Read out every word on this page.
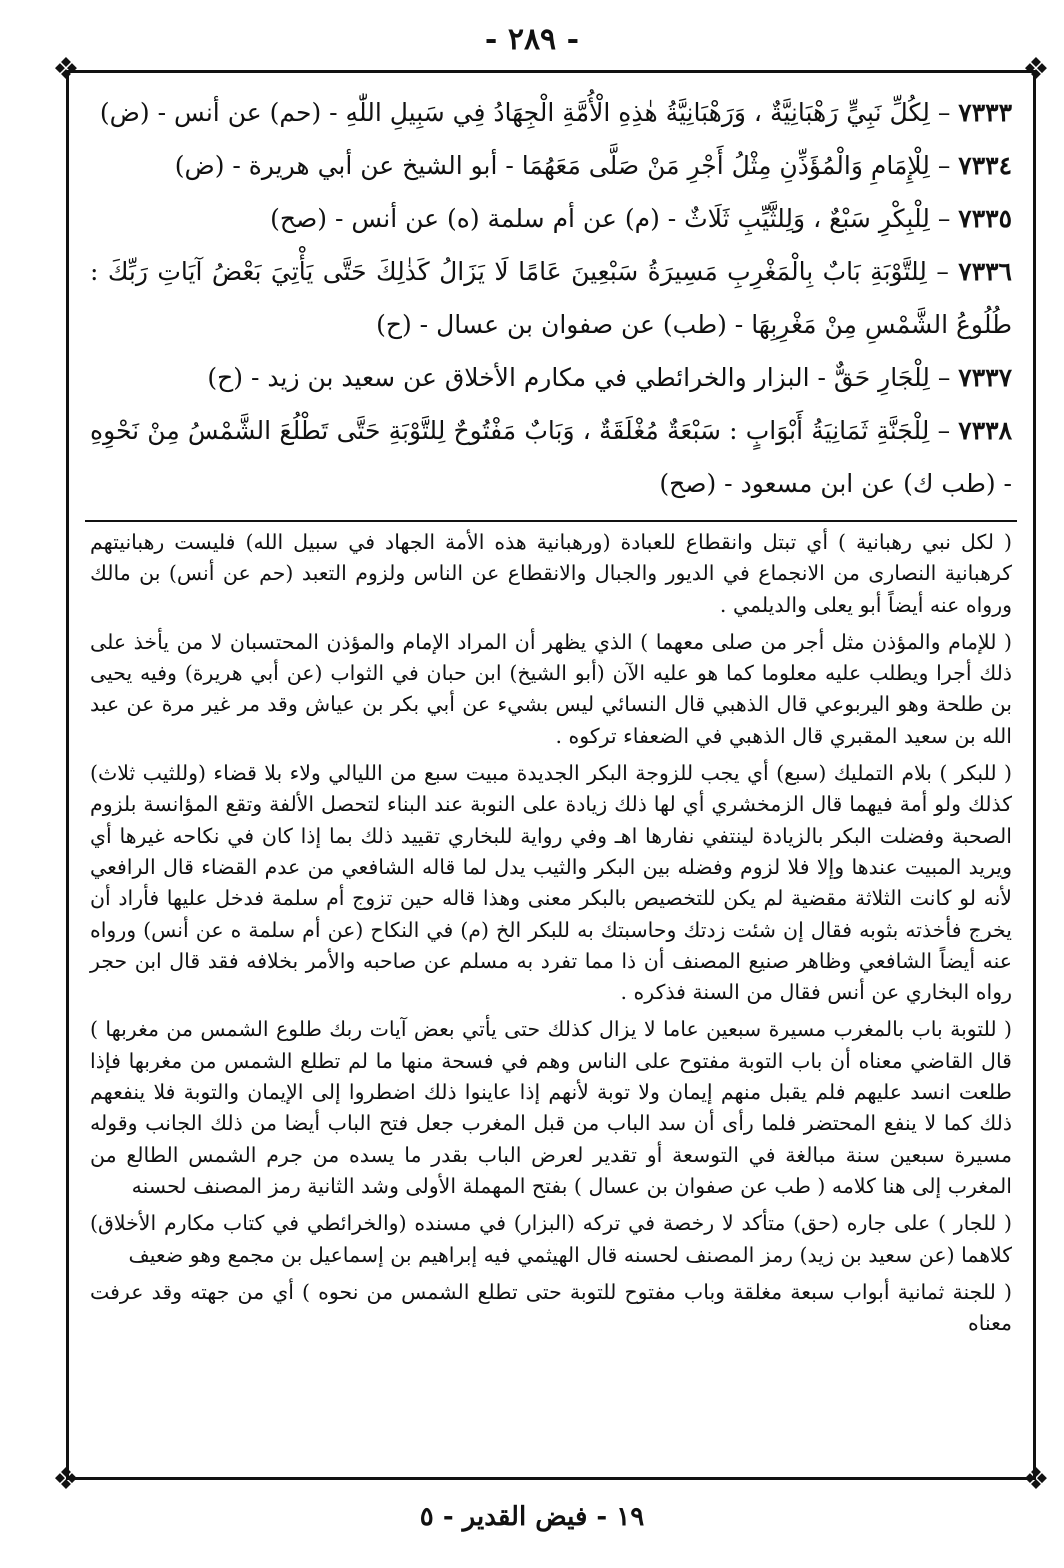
- ٢٨٩ -
❖	❖
❖	❖
٧٣٣٣ – لِكُلِّ نَبِيٍّ رَهْبَانِيَّةٌ ، وَرَهْبَانِيَّةُ هٰذِهِ الْأُمَّةِ الْجِهَادُ فِي سَبِيلِ اللّٰهِ - (حم) عن أنس - (ض)
٧٣٣٤ – لِلْإِمَامِ وَالْمُؤَذِّنِ مِثْلُ أَجْرِ مَنْ صَلَّى مَعَهُمَا - أبو الشيخ عن أبي هريرة - (ض)
٧٣٣٥ – لِلْبِكْرِ سَبْعٌ ، وَلِلثَّيِّبِ ثَلَاثٌ - (م) عن أم سلمة (ه) عن أنس - (صح)
٧٣٣٦ – لِلتَّوْبَةِ بَابٌ بِالْمَغْرِبِ مَسِيرَةُ سَبْعِينَ عَامًا لَا يَزَالُ كَذٰلِكَ حَتَّى يَأْتِيَ بَعْضُ آيَاتِ رَبِّكَ : طُلُوعُ الشَّمْسِ مِنْ مَغْرِبِهَا - (طب) عن صفوان بن عسال - (ح)
٧٣٣٧ – لِلْجَارِ حَقٌّ - البزار والخرائطي في مكارم الأخلاق عن سعيد بن زيد - (ح)
٧٣٣٨ – لِلْجَنَّةِ ثَمَانِيَةُ أَبْوَابٍ : سَبْعَةٌ مُغْلَقَةٌ ، وَبَابٌ مَفْتُوحٌ لِلتَّوْبَةِ حَتَّى تَطْلُعَ الشَّمْسُ مِنْ نَحْوِهِ - (طب ك) عن ابن مسعود - (صح)

( لكل نبي رهبانية ) أي تبتل وانقطاع للعبادة (ورهبانية هذه الأمة الجهاد في سبيل الله) فليست رهبانيتهم كرهبانية النصارى من الانجماع في الديور والجبال والانقطاع عن الناس ولزوم التعبد (حم عن أنس) بن مالك ورواه عنه أيضاً أبو يعلى والديلمي .

( للإمام والمؤذن مثل أجر من صلى معهما ) الذي يظهر أن المراد الإمام والمؤذن المحتسبان لا من يأخذ على ذلك أجرا ويطلب عليه معلوما كما هو عليه الآن (أبو الشيخ) ابن حبان في الثواب (عن أبي هريرة) وفيه يحيى بن طلحة وهو اليربوعي قال الذهبي قال النسائي ليس بشيء عن أبي بكر بن عياش وقد مر غير مرة عن عبد الله بن سعيد المقبري قال الذهبي في الضعفاء تركوه .

( للبكر ) بلام التمليك (سبع) أي يجب للزوجة البكر الجديدة مبيت سبع من الليالي ولاء بلا قضاء (وللثيب ثلاث) كذلك ولو أمة فيهما قال الزمخشري أي لها ذلك زيادة على النوبة عند البناء لتحصل الألفة وتقع المؤانسة بلزوم الصحبة وفضلت البكر بالزيادة لينتفي نفارها اهـ وفي رواية للبخاري تقييد ذلك بما إذا كان في نكاحه غيرها أي ويريد المبيت عندها وإلا فلا لزوم وفضله بين البكر والثيب يدل لما قاله الشافعي من عدم القضاء قال الرافعي لأنه لو كانت الثلاثة مقضية لم يكن للتخصيص بالبكر معنى وهذا قاله حين تزوج أم سلمة فدخل عليها فأراد أن يخرج فأخذته بثوبه فقال إن شئت زدتك وحاسبتك به للبكر الخ (م) في النكاح (عن أم سلمة ه عن أنس) ورواه عنه أيضاً الشافعي وظاهر صنيع المصنف أن ذا مما تفرد به مسلم عن صاحبه والأمر بخلافه فقد قال ابن حجر رواه البخاري عن أنس فقال من السنة فذكره .

( للتوبة باب بالمغرب مسيرة سبعين عاما لا يزال كذلك حتى يأتي بعض آيات ربك طلوع الشمس من مغربها ) قال القاضي معناه أن باب التوبة مفتوح على الناس وهم في فسحة منها ما لم تطلع الشمس من مغربها فإذا طلعت انسد عليهم فلم يقبل منهم إيمان ولا توبة لأنهم إذا عاينوا ذلك اضطروا إلى الإيمان والتوبة فلا ينفعهم ذلك كما لا ينفع المحتضر فلما رأى أن سد الباب من قبل المغرب جعل فتح الباب أيضا من ذلك الجانب وقوله مسيرة سبعين سنة مبالغة في التوسعة أو تقدير لعرض الباب بقدر ما يسده من جرم الشمس الطالع من المغرب إلى هنا كلامه ( طب عن صفوان بن عسال ) بفتح المهملة الأولى وشد الثانية رمز المصنف لحسنه

( للجار ) على جاره (حق) متأكد لا رخصة في تركه (البزار) في مسنده (والخرائطي في كتاب مكارم الأخلاق) كلاهما (عن سعيد بن زيد) رمز المصنف لحسنه قال الهيثمي فيه إبراهيم بن إسماعيل بن مجمع وهو ضعيف

( للجنة ثمانية أبواب سبعة مغلقة وباب مفتوح للتوبة حتى تطلع الشمس من نحوه ) أي من جهته وقد عرفت معناه

١٩ - فيض القدير - ٥
